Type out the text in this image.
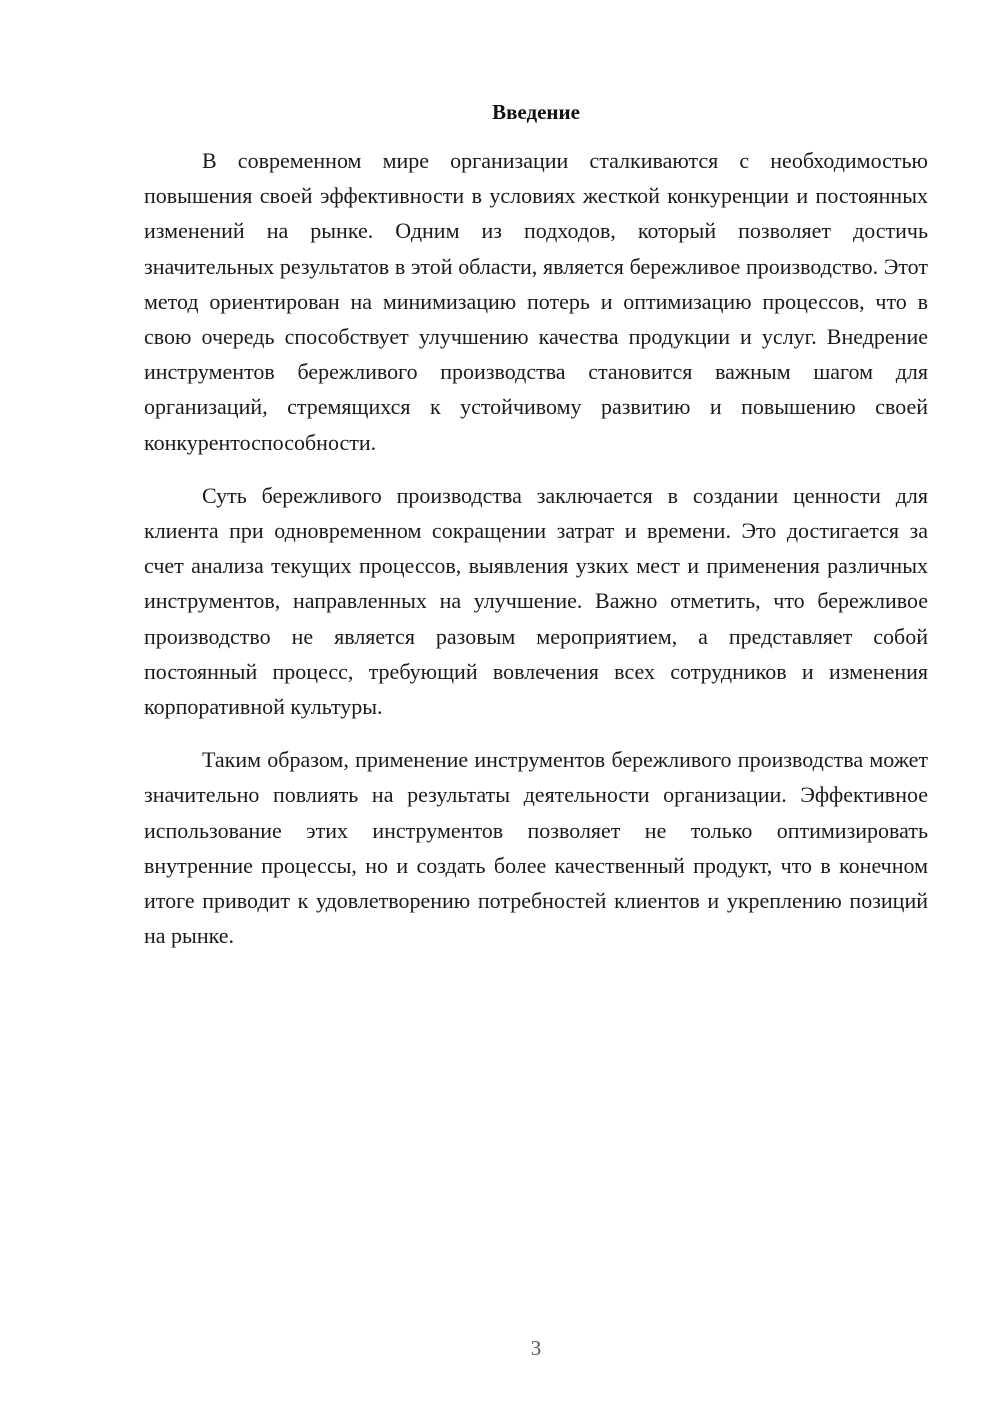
Введение

В современном мире организации сталкиваются с необходимостью повышения своей эффективности в условиях жесткой конкуренции и постоянных изменений на рынке. Одним из подходов, который позволяет достичь значительных результатов в этой области, является бережливое производство. Этот метод ориентирован на минимизацию потерь и оптимизацию процессов, что в свою очередь способствует улучшению качества продукции и услуг. Внедрение инструментов бережливого производства становится важным шагом для организаций, стремящихся к устойчивому развитию и повышению своей конкурентоспособности.

Суть бережливого производства заключается в создании ценности для клиента при одновременном сокращении затрат и времени. Это достигается за счет анализа текущих процессов, выявления узких мест и применения различных инструментов, направленных на улучшение. Важно отметить, что бережливое производство не является разовым мероприятием, а представляет собой постоянный процесс, требующий вовлечения всех сотрудников и изменения корпоративной культуры.

Таким образом, применение инструментов бережливого производства может значительно повлиять на результаты деятельности организации. Эффективное использование этих инструментов позволяет не только оптимизировать внутренние процессы, но и создать более качественный продукт, что в конечном итоге приводит к удовлетворению потребностей клиентов и укреплению позиций на рынке.

3
